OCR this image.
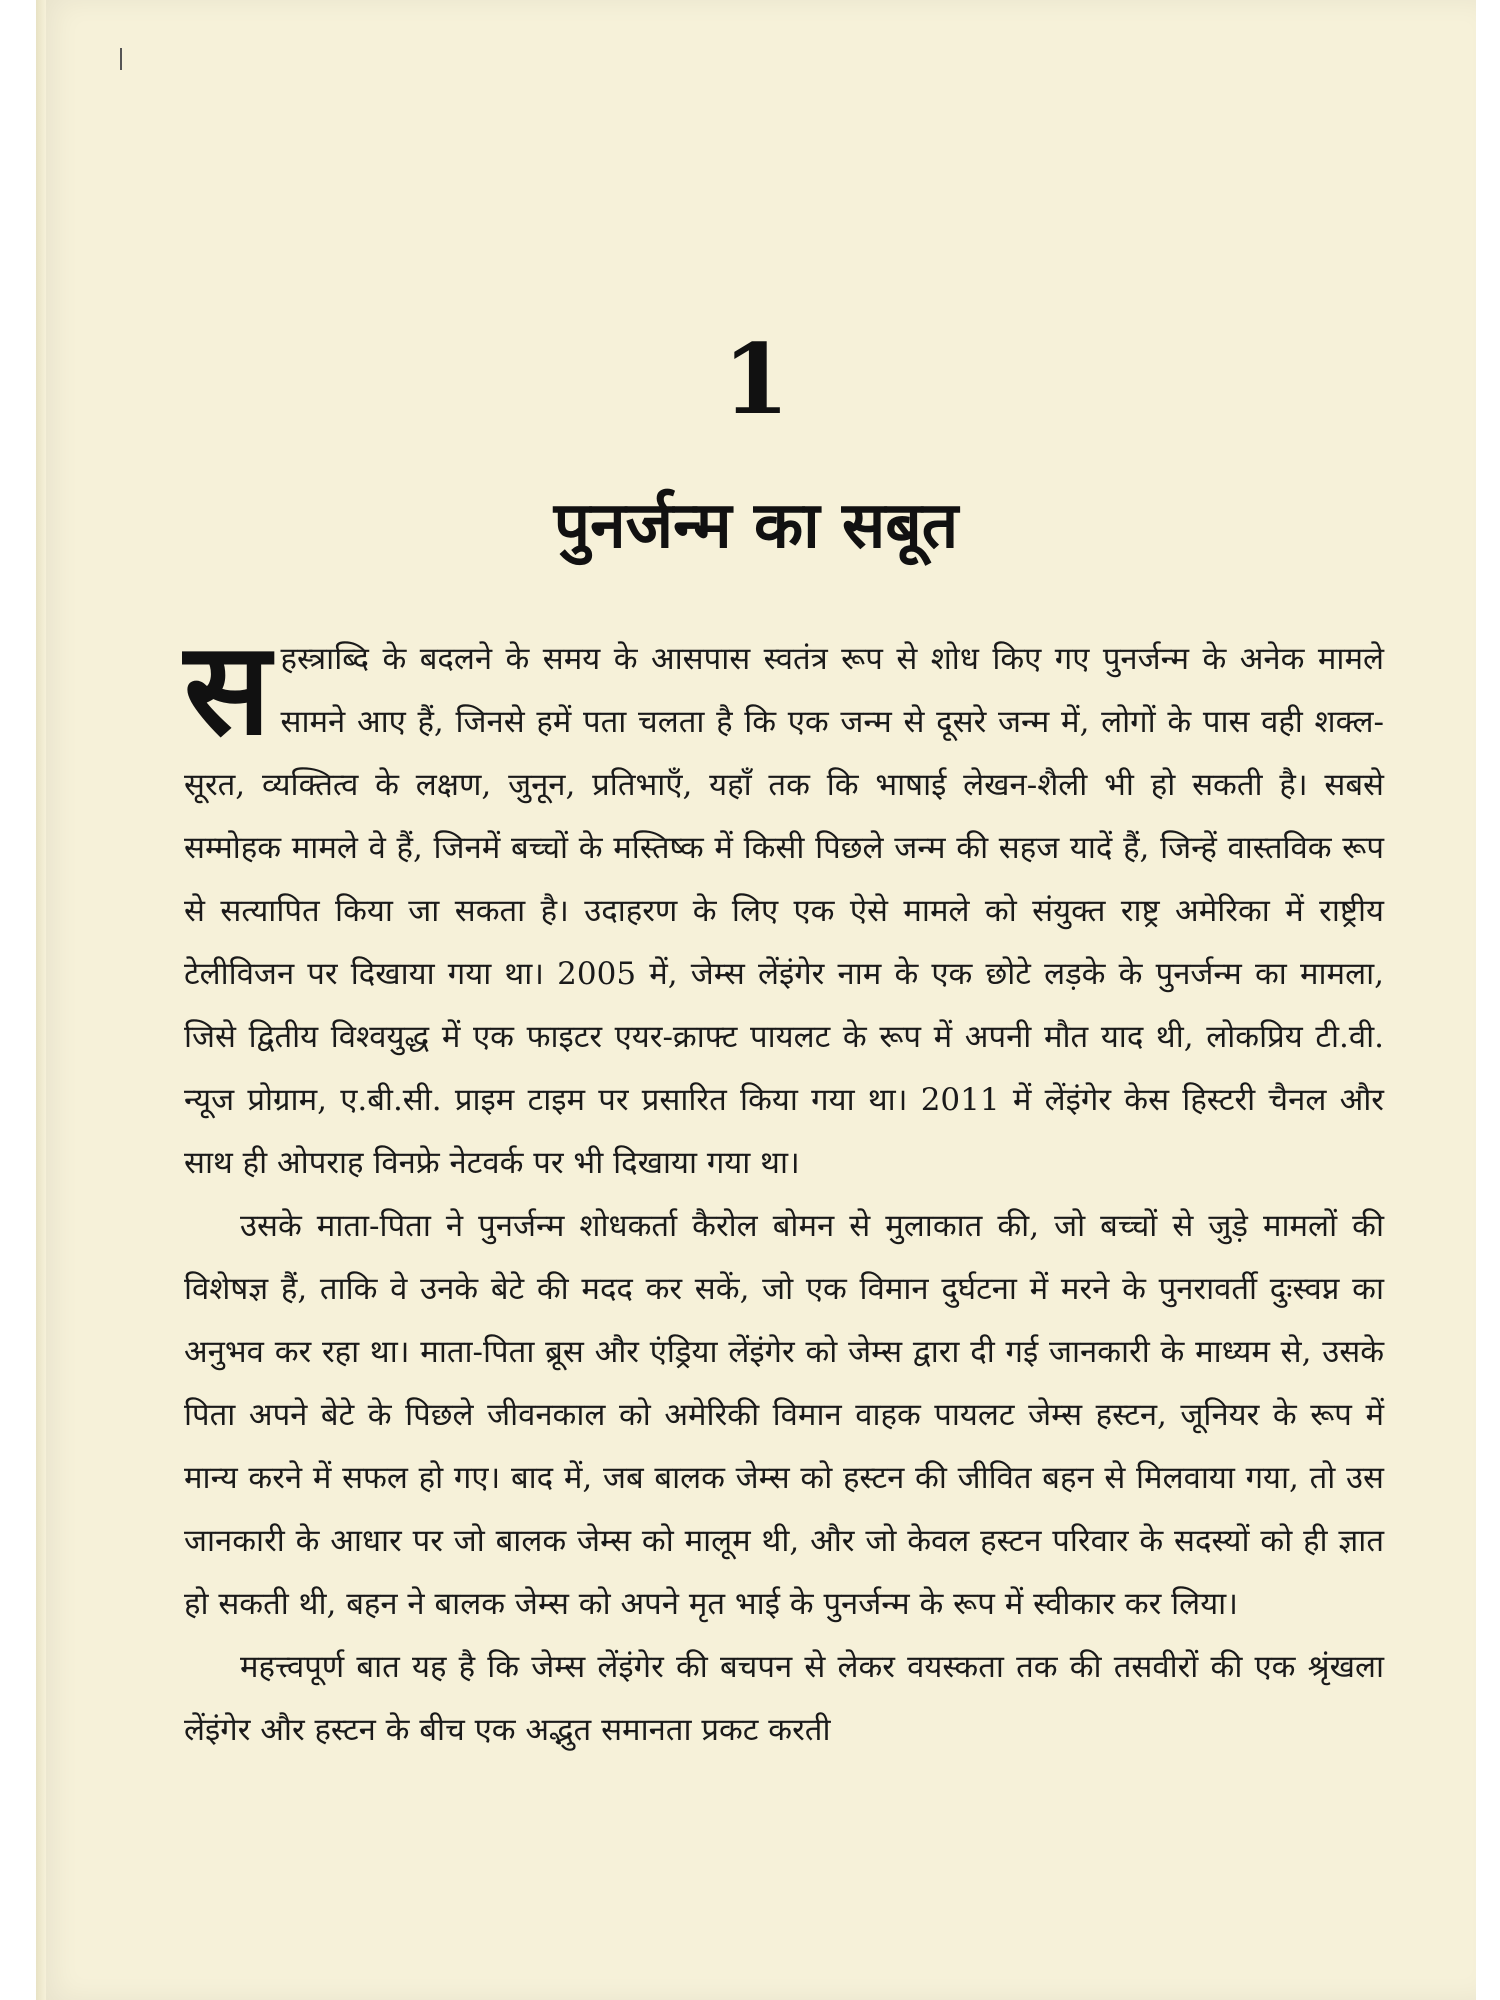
1
पुनर्जन्म का सबूत

सहस्त्राब्दि के बदलने के समय के आसपास स्वतंत्र रूप से शोध किए गए पुनर्जन्म के अनेक मामले सामने आए हैं, जिनसे हमें पता चलता है कि एक जन्म से दूसरे जन्म में, लोगों के पास वही शक्ल-सूरत, व्यक्तित्व के लक्षण, जुनून, प्रतिभाएँ, यहाँ तक कि भाषाई लेखन-शैली भी हो सकती है। सबसे सम्मोहक मामले वे हैं, जिनमें बच्चों के मस्तिष्क में किसी पिछले जन्म की सहज यादें हैं, जिन्हें वास्तविक रूप से सत्यापित किया जा सकता है। उदाहरण के लिए एक ऐसे मामले को संयुक्त राष्ट्र अमेरिका में राष्ट्रीय टेलीविजन पर दिखाया गया था। 2005 में, जेम्स लेंइंगेर नाम के एक छोटे लड़के के पुनर्जन्म का मामला, जिसे द्वितीय विश्वयुद्ध में एक फाइटर एयर-क्राफ्ट पायलट के रूप में अपनी मौत याद थी, लोकप्रिय टी.वी. न्यूज प्रोग्राम, ए.बी.सी. प्राइम टाइम पर प्रसारित किया गया था। 2011 में लेंइंगेर केस हिस्टरी चैनल और साथ ही ओपराह विनफ्रे नेटवर्क पर भी दिखाया गया था।

उसके माता-पिता ने पुनर्जन्म शोधकर्ता कैरोल बोमन से मुलाकात की, जो बच्चों से जुड़े मामलों की विशेषज्ञ हैं, ताकि वे उनके बेटे की मदद कर सकें, जो एक विमान दुर्घटना में मरने के पुनरावर्ती दुःस्वप्न का अनुभव कर रहा था। माता-पिता ब्रूस और एंड्रिया लेंइंगेर को जेम्स द्वारा दी गई जानकारी के माध्यम से, उसके पिता अपने बेटे के पिछले जीवनकाल को अमेरिकी विमान वाहक पायलट जेम्स हस्टन, जूनियर के रूप में मान्य करने में सफल हो गए। बाद में, जब बालक जेम्स को हस्टन की जीवित बहन से मिलवाया गया, तो उस जानकारी के आधार पर जो बालक जेम्स को मालूम थी, और जो केवल हस्टन परिवार के सदस्यों को ही ज्ञात हो सकती थी, बहन ने बालक जेम्स को अपने मृत भाई के पुनर्जन्म के रूप में स्वीकार कर लिया।

महत्त्वपूर्ण बात यह है कि जेम्स लेंइंगेर की बचपन से लेकर वयस्कता तक की तसवीरों की एक श्रृंखला लेंइंगेर और हस्टन के बीच एक अद्भुत समानता प्रकट करती
